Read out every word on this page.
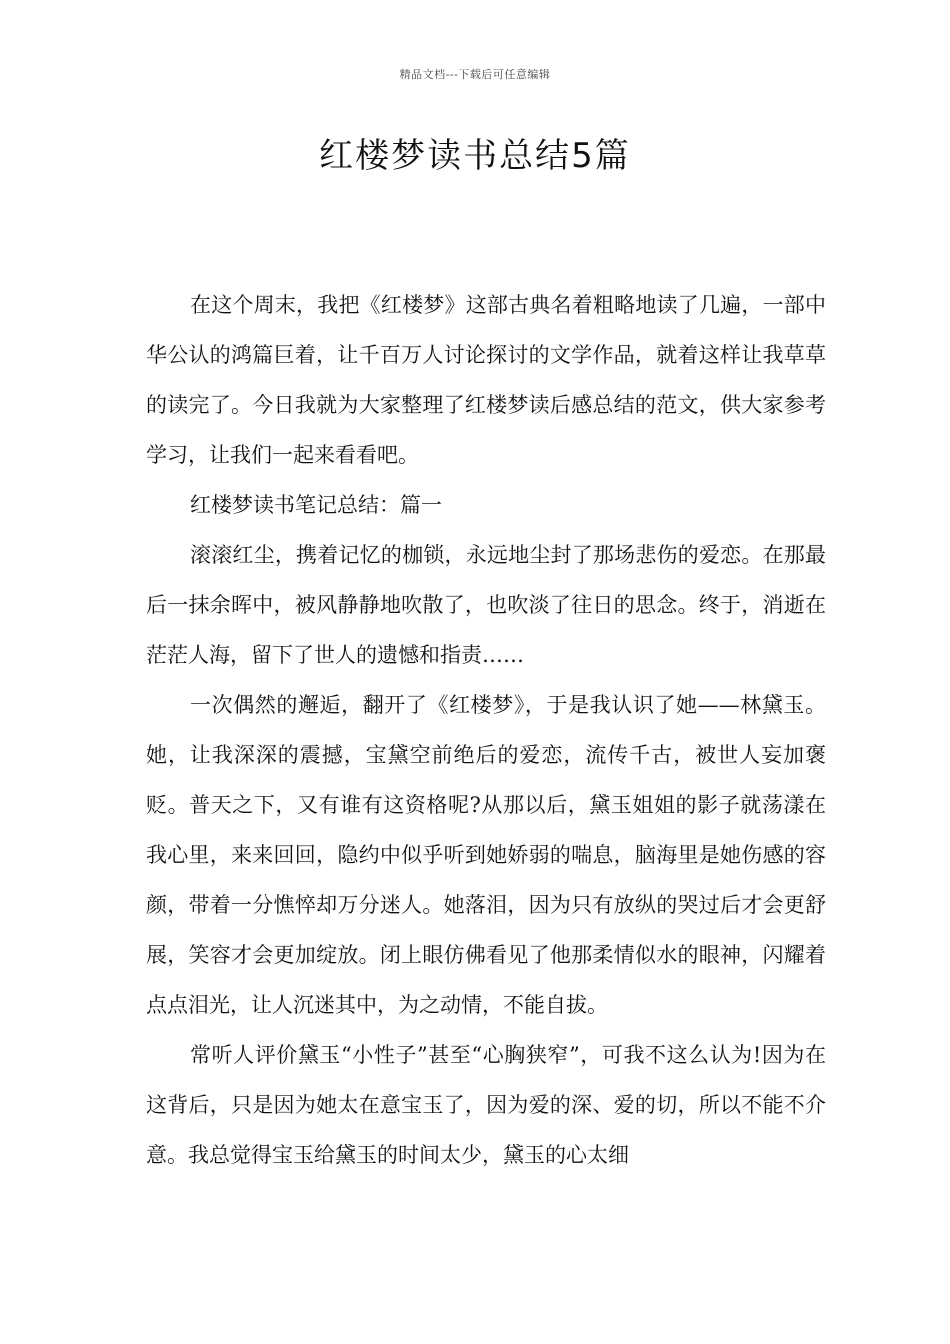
精品文档---下载后可任意编辑
红楼梦读书总结5篇

在这个周末，我把《红楼梦》这部古典名着粗略地读了几遍，一部中华公认的鸿篇巨着，让千百万人讨论探讨的文学作品，就着这样让我草草的读完了。今日我就为大家整理了红楼梦读后感总结的范文，供大家参考学习，让我们一起来看看吧。

红楼梦读书笔记总结：篇一

滚滚红尘，携着记忆的枷锁，永远地尘封了那场悲伤的爱恋。在那最后一抹余晖中，被风静静地吹散了，也吹淡了往日的思念。终于，消逝在茫茫人海，留下了世人的遗憾和指责……

一次偶然的邂逅，翻开了《红楼梦》，于是我认识了她——林黛玉。她，让我深深的震撼，宝黛空前绝后的爱恋，流传千古，被世人妄加褒贬。普天之下，又有谁有这资格呢?从那以后，黛玉姐姐的影子就荡漾在我心里，来来回回，隐约中似乎听到她娇弱的喘息，脑海里是她伤感的容颜，带着一分憔悴却万分迷人。她落泪，因为只有放纵的哭过后才会更舒展，笑容才会更加绽放。闭上眼仿佛看见了他那柔情似水的眼神，闪耀着点点泪光，让人沉迷其中，为之动情，不能自拔。

常听人评价黛玉“小性子”甚至“心胸狭窄”，可我不这么认为!因为在这背后，只是因为她太在意宝玉了，因为爱的深、爱的切，所以不能不介意。我总觉得宝玉给黛玉的时间太少，黛玉的心太细
